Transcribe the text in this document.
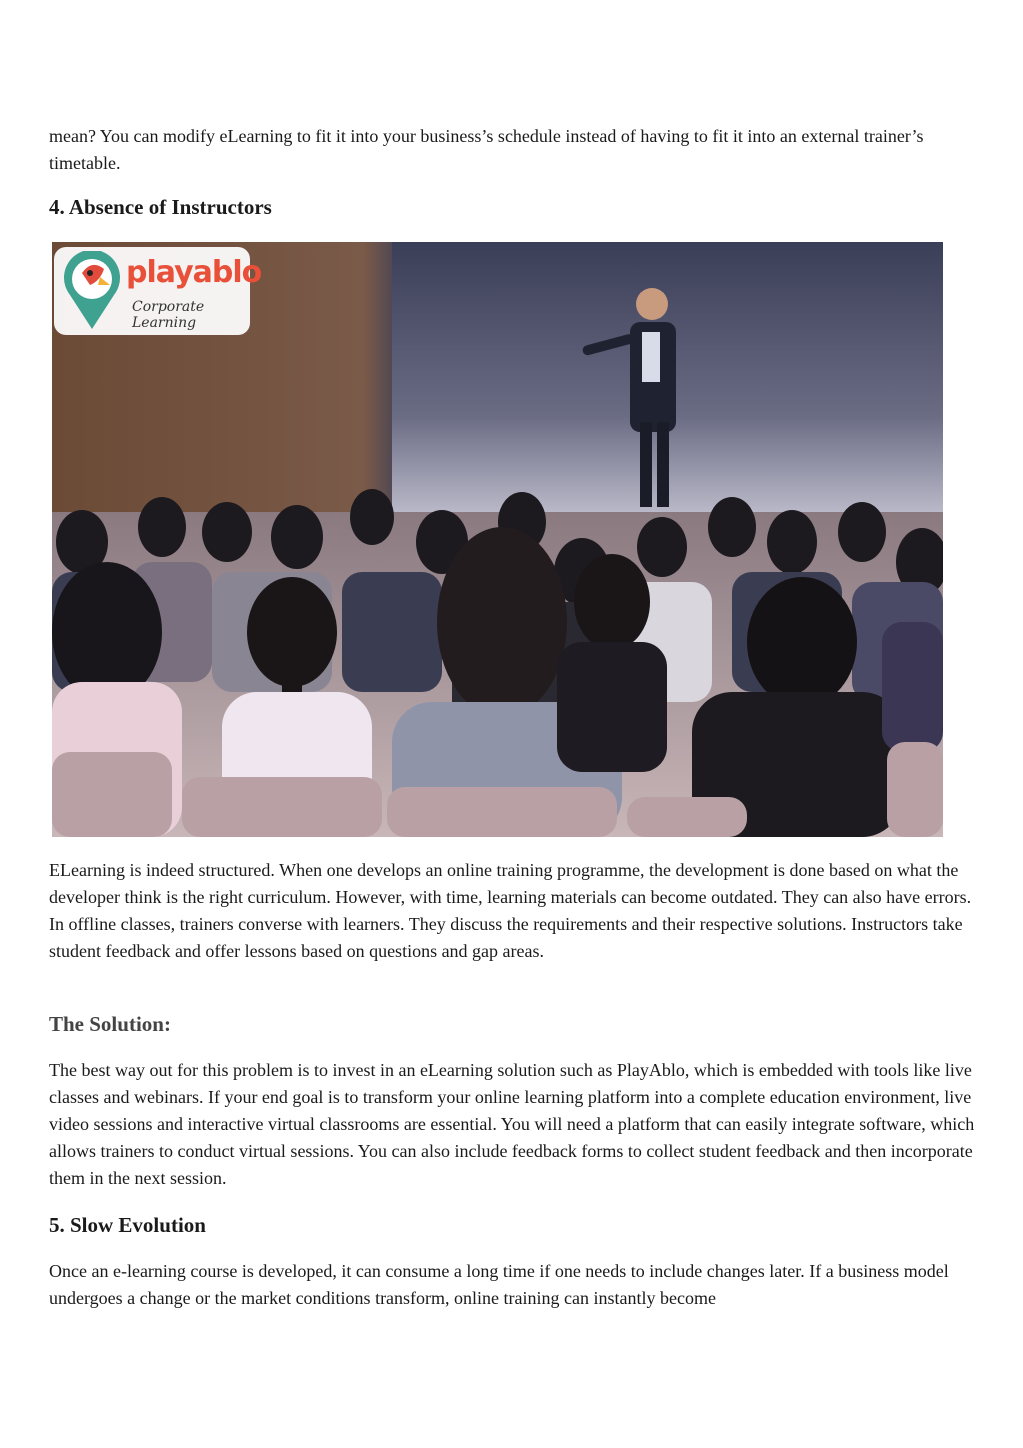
mean? You can modify eLearning to fit it into your business’s schedule instead of having to fit it into an external trainer’s timetable.

4. Absence of Instructors
playablo
Corporate Learning

ELearning is indeed structured. When one develops an online training programme, the development is done based on what the developer think is the right curriculum. However, with time, learning materials can become outdated. They can also have errors. In offline classes, trainers converse with learners. They discuss the requirements and their respective solutions. Instructors take student feedback and offer lessons based on questions and gap areas.

The Solution:

The best way out for this problem is to invest in an eLearning solution such as PlayAblo, which is embedded with tools like live classes and webinars. If your end goal is to transform your online learning platform into a complete education environment, live video sessions and interactive virtual classrooms are essential. You will need a platform that can easily integrate software, which allows trainers to conduct virtual sessions. You can also include feedback forms to collect student feedback and then incorporate them in the next session.

5. Slow Evolution

Once an e-learning course is developed, it can consume a long time if one needs to include changes later. If a business model undergoes a change or the market conditions transform, online training can instantly become
